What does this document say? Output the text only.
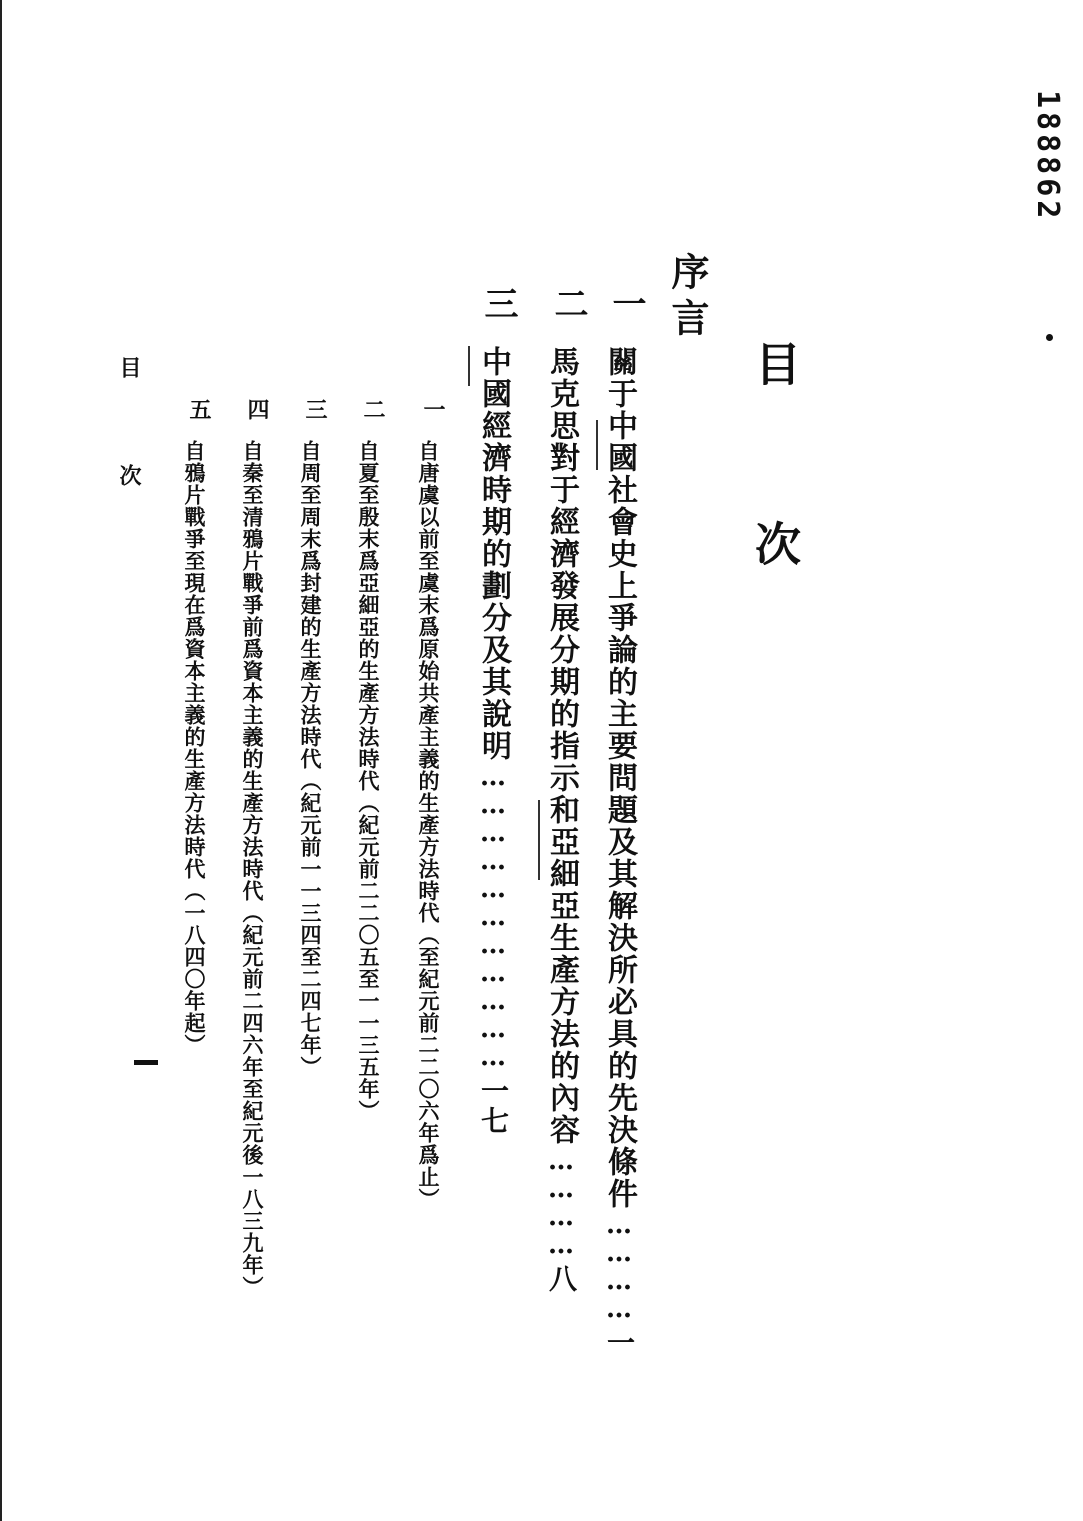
188862
目 次
序言
一
關于中國社會史上爭論的主要問題及其解決所必具的先決條件…………一
二
馬克思對于經濟發展分期的指示和亞細亞生產方法的內容…………八
三
中國經濟時期的劃分及其說明……………………………一七
一
自唐虞以前至虞末爲原始共產主義的生產方法時代（至紀元前二二〇六年爲止）
二
自夏至殷末爲亞細亞的生產方法時代（紀元前二二〇五至一一三五年）
三
自周至周末爲封建的生產方法時代（紀元前一一三四至二四七年）
四
自秦至清鴉片戰爭前爲資本主義的生產方法時代（紀元前二四六年至紀元後一八三九年）
五
自鴉片戰爭至現在爲資本主義的生產方法時代（一八四〇年起）
目 次
